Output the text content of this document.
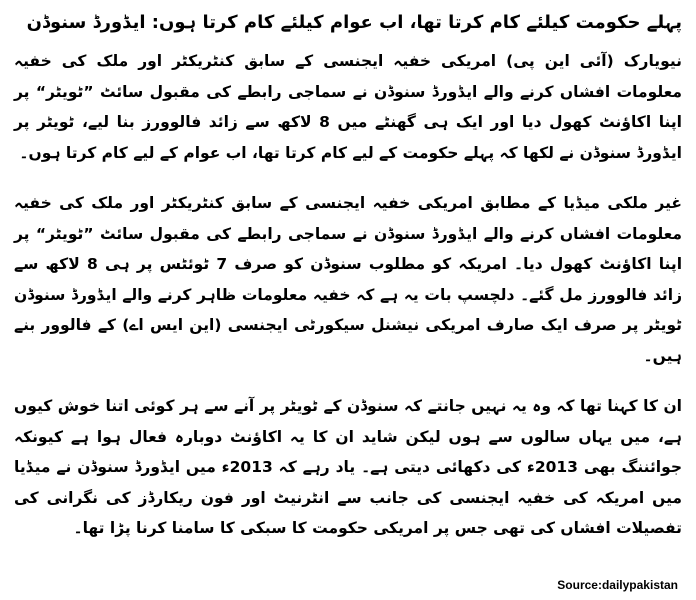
پہلے حکومت کیلئے کام کرتا تھا، اب عوام کیلئے کام کرتا ہوں: ایڈورڈ سنوڈن

نیویارک (آئی این پی) امریکی خفیہ ایجنسی کے سابق کنٹریکٹر اور ملک کی خفیہ معلومات افشاں کرنے والے ایڈورڈ سنوڈن نے سماجی رابطے کی مقبول سائٹ ”ٹویٹر“ پر اپنا اکاؤنٹ کھول دیا اور ایک ہی گھنٹے میں 8 لاکھ سے زائد فالوورز بنا لیے، ٹویٹر پر ایڈورڈ سنوڈن نے لکھا کہ پہلے حکومت کے لیے کام کرتا تھا، اب عوام کے لیے کام کرتا ہوں۔

غیر ملکی میڈیا کے مطابق امریکی خفیہ ایجنسی کے سابق کنٹریکٹر اور ملک کی خفیہ معلومات افشاں کرنے والے ایڈورڈ سنوڈن نے سماجی رابطے کی مقبول سائٹ ”ٹویٹر“ پر اپنا اکاؤنٹ کھول دیا۔ امریکہ کو مطلوب سنوڈن کو صرف 7 ٹوئٹس پر ہی 8 لاکھ سے زائد فالوورز مل گئے۔ دلچسپ بات یہ ہے کہ خفیہ معلومات ظاہر کرنے والے ایڈورڈ سنوڈن ٹویٹر پر صرف ایک صارف امریکی نیشنل سیکورٹی ایجنسی (این ایس اے) کے فالوور بنے ہیں۔

ان کا کہنا تھا کہ وہ یہ نہیں جانتے کہ سنوڈن کے ٹویٹر پر آنے سے ہر کوئی اتنا خوش کیوں ہے، میں یہاں سالوں سے ہوں لیکن شاید ان کا یہ اکاؤنٹ دوبارہ فعال ہوا ہے کیونکہ جوائننگ بھی 2013ء کی دکھائی دیتی ہے۔ یاد رہے کہ 2013ء میں ایڈورڈ سنوڈن نے میڈیا میں امریکہ کی خفیہ ایجنسی کی جانب سے انٹرنیٹ اور فون ریکارڈز کی نگرانی کی تفصیلات افشاں کی تھی جس پر امریکی حکومت کا سبکی کا سامنا کرنا پڑا تھا۔

Source:dailypakistan
